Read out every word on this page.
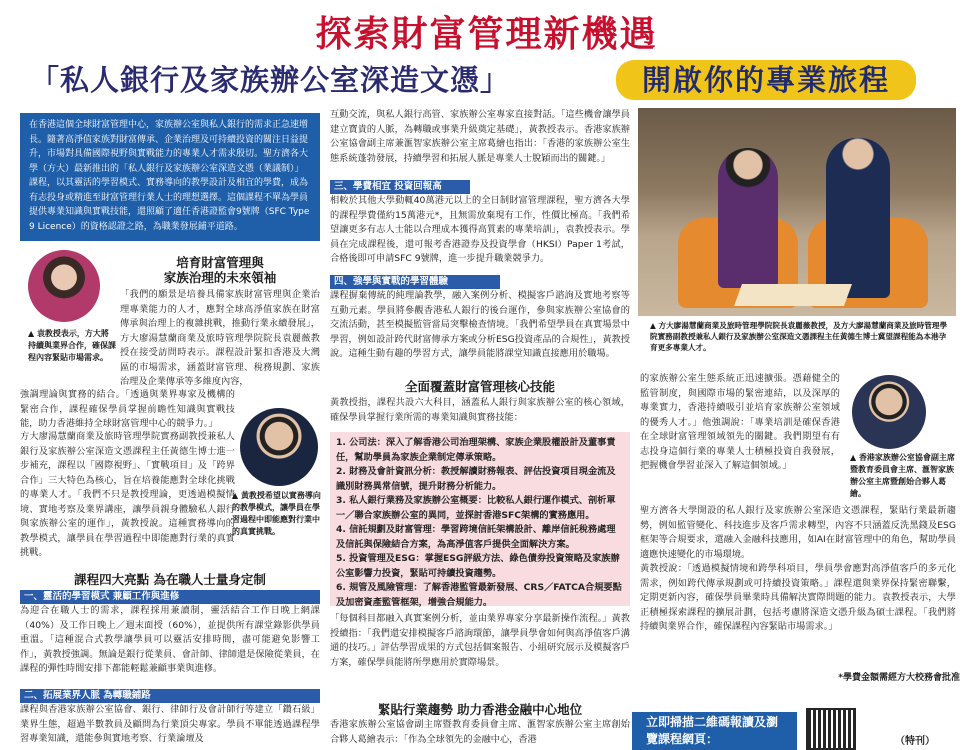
探索財富管理新機遇
「私人銀行及家族辦公室深造文憑」	開啟你的專業旅程
在香港這個全球財富管理中心，家族辦公室與私人銀行的需求正急速增長。隨著高淨值家族對財富傳承、企業治理及可持續投資的關注日益提升，市場對具備國際視野與實戰能力的專業人才需求殷切。聖方濟各大學（方大）最新推出的「私人銀行及家族辦公室深造文憑（業議制）」課程，以其靈活的學習模式、實務導向的教學設計及相宜的學費，成為有志投身或精進至財富管理行業人士的理想選擇。這個課程不單為學員提供專業知識與實戰技能，還照顧了適任香港證監會9號牌（SFC Type 9 Licence）的資格認證之路，為職業發展鋪平道路。
▲ 袁教授表示，方大將持續與業界合作，確保課程內容緊貼市場需求。
培育財富管理與
家族治理的未來領袖
「我們的願景是培養具備家族財富管理與企業治理專業能力的人才，應對全球高淨值家族在財富傳承與治理上的複雜挑戰，推動行業永續發展」，方大廖湯慧蘭商業及旅時管理學院院長袁麗薇教授在接受訪問時表示。課程設計緊扣香港及大灣區的市場需求，涵蓋財富管理、稅務規劃、家族治理及企業傳承等多維度內容，
強調理論與實務的結合。「透過與業界專家及機構的緊密合作，課程確保學員掌握前瞻性知識與實戰技能，助力香港維持全球財富管理中心的競爭力。」
方大廖湯慧蘭商業及旅時管理學院實務副教授兼私人銀行及家族辦公室深造文憑課程主任黃德生博士進一步補充，課程以「國際視野」、「實戰項目」及「跨界合作」三大特色為核心，旨在培養能應對全球化挑戰的專業人才。「我們不只是教授理論，更透過模擬情境、實地考察及業界講座，讓學員親身體驗私人銀行與家族辦公室的運作」，黃教授說。這種實務導向的教學模式，讓學員在學習過程中即能應對行業的真實挑戰。
▲ 黃教授希望以實務導向的教學模式，讓學員在學習過程中即能應對行業中的真實挑戰。
課程四大亮點 為在職人士量身定制
一、靈活的學習模式 兼顧工作與進修
為迎合在職人士的需求，課程採用兼讀制，靈活結合工作日晚上網課（40%）及工作日晚上／週末面授（60%），並提供所有課堂錄影供學員重溫。「這種混合式教學讓學員可以靈活安排時間，盡可能避免影響工作」，黃教授強調。無論是銀行從業員、會計師、律師還是保險從業員，在課程的彈性時間安排下都能輕鬆兼顧事業與進修。
二、拓展業界人脈 為轉職鋪路
課程與香港家族辦公室協會、銀行、律師行及會計師行等建立「鑽石級」業界生態，超過半數教員及顧問為行業頂尖專家。學員不單能透過課程學習專業知識，還能參與實地考察、行業論壇及
互動交流，與私人銀行高管、家族辦公室專家直接對話。「這些機會讓學員建立寶貴的人脈，為轉職或事業升級奠定基礎」，黃教授表示。香港家族辦公室協會副主席兼滙智家族辦公室主席葛繪也指出：「香港的家族辦公室生態系統蓬勃發展，持續學習和拓展人脈是專業人士脫穎而出的關鍵。」
三、學費相宜 投資回報高
相較於其他大學動輒40萬港元以上的全日制財富管理課程，聖方濟各大學的課程學費僅約15萬港元*，且無需放棄現有工作，性價比極高。「我們希望讓更多有志人士能以合理成本獲得高質素的專業培訓」，袁教授表示。學員在完成課程後，還可報考香港證券及投資學會（HKSI）Paper 1考試，合格後即可申請SFC 9號牌，進一步提升職業競爭力。
四、強學與實戰的學習體驗
課程摒棄傳統的純理論教學，融入案例分析、模擬客戶諮詢及實地考察等互動元素。學員將參觀香港私人銀行的後台運作，參與家族辦公室協會的交流活動，甚至模擬監管當局突擊檢查情境。「我們希望學員在真實場景中學習，例如設計跨代財富傳承方案或分析ESG投資產品的合規性」，黃教授說。這種生動有趣的學習方式，讓學員能將課堂知識直接應用於職場。
全面覆蓋財富管理核心技能
黃教授指，課程共設六大科目，涵蓋私人銀行與家族辦公室的核心領域，確保學員掌握行業所需的專業知識與實務技能：
1. 公司法：深入了解香港公司治理架構、家族企業股權設計及董事責任，幫助學員為家族企業制定傳承策略。
2. 財務及會計資訊分析：教授解讀財務報表、評估投資項目現金流及識別財務異常信號，提升財務分析能力。
3. 私人銀行業務及家族辦公室概要：比較私人銀行運作模式、剖析單一／聯合家族辦公室的異同，並探討香港SFC架構的實務應用。
4. 信託規劃及財富管理：學習跨境信託架構設計、離岸信託稅務處理及信託與保險結合方案，為高淨值客戶提供全面解決方案。
5. 投資管理及ESG：掌握ESG評級方法、綠色債券投資策略及家族辦公室影響力投資，緊貼可持續投資趨勢。
6. 規管及風險管理：了解香港監管最新發展、CRS／FATCA合規要點及加密資產監管框架，增強合規能力。
「每個科目都融入真實案例分析，並由業界專家分享最新操作流程。」黃教授續指：「我們還安排模擬客戶諮詢環節，讓學員學會如何與高淨值客戶溝通的技巧。」評估學習成果的方式包括個案報告、小組研究展示及模擬客戶方案，確保學員能將所學應用於實際場景。
緊貼行業趨勢 助力香港金融中心地位
香港家族辦公室協會副主席暨教育委員會主席、滙智家族辦公室主席創始合夥人葛繪表示：「作為全球領先的金融中心，香港
▲ 方大廖湯慧蘭商業及旅時管理學院院長袁麗薇教授，及方大廖湯慧蘭商業及旅時管理學院實務副教授兼私人銀行及家族辦公室深造文憑課程主任黃德生博士冀望課程能為本港孕育更多專業人才。
的家族辦公室生態系統正迅速擴張。憑藉健全的監管制度，與國際市場的緊密連結，以及深厚的專業實力，香港持續吸引並培育家族辦公室領域的優秀人才。」他強調說：「專業培訓是確保香港在全球財富管理領域領先的關鍵。我們期望有有志投身這個行業的專業人士積極投資自我發展，把握機會學習並深入了解這個領域。」
▲ 香港家族辦公室協會副主席暨教育委員會主席、滙智家族辦公室主席暨創始合夥人葛繪。
聖方濟各大學開設的私人銀行及家族辦公室深造文憑課程，緊貼行業最新趨勢，例如監管變化、科技進步及客戶需求轉型，內容不只涵蓋反洗黑錢及ESG框架等合規要求，還融入金融科技應用，如AI在財富管理中的角色，幫助學員適應快速變化的市場環境。
黃教授說：「透過模擬情境和跨學科項目，學員學會應對高淨值客戶的多元化需求，例如跨代傳承規劃或可持續投資策略。」課程還與業界保持緊密聯繫，定期更新內容，確保學員畢業時具備解決實際問題的能力。袁教授表示，大學正積極探索課程的擴展計劃，包括考慮將深造文憑升級為碩士課程。「我們將持續與業界合作，確保課程內容緊貼市場需求。」
*學費金額需經方大校務會批准
立即掃描二維碼報讀及瀏覽課程網頁：	（特刊）
